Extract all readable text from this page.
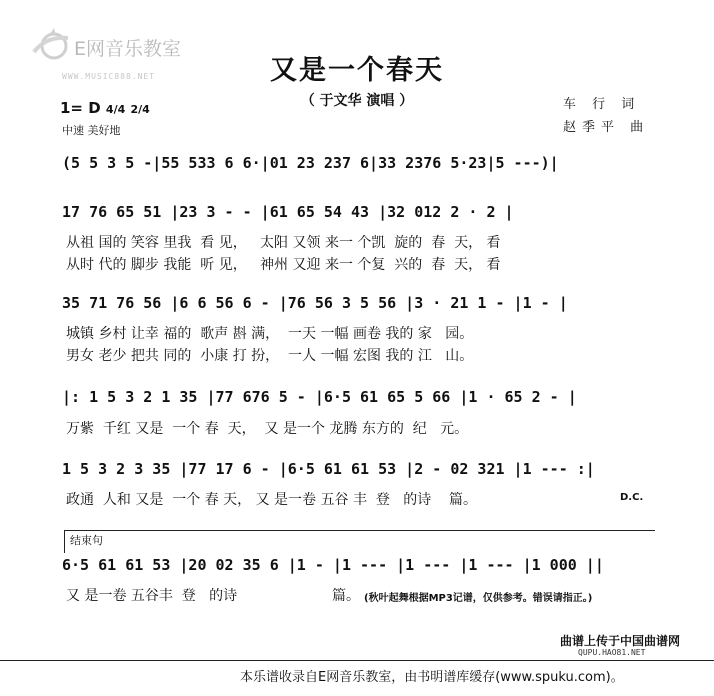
E网音乐教室
WWW.MUSIC888.NET	又是一个春天
（ 于文华 演唱 ）
1= D 4/4 2/4
中速 美好地
车 行 词
赵季平 曲
(5 5 3 5 -|55 533 6 6·|01 23 237 6|33 2376 5·23|5 ---)|
17 76 65 51 |23 3 - - |61 65 54 43 |32 012 2 · 2 |
从祖 国的 笑容 里我  看 见，   太阳 又领 来一 个凯  旋的  春  天， 看
从时 代的 脚步 我能  听 见，   神州 又迎 来一 个复  兴的  春  天， 看
35 71 76 56 |6 6 56 6 - |76 56 3 5 56 |3 · 21 1 - |1 - |
城镇 乡村 让幸 福的  歌声 斟 满，  一天 一幅 画卷 我的 家   园。
男女 老少 把共 同的  小康 打 扮，  一人 一幅 宏图 我的 江   山。
|: 1 5 3 2 1 35 |77 676 5 - |6·5 61 65 5 66 |1 · 65 2 - |
万紫  千红 又是  一个 春  天，  又 是一个 龙腾 东方的  纪   元。
1 5 3 2 3 35 |77 17 6 - |6·5 61 61 53 |2 - 02 321 |1 --- :|
政通  人和 又是  一个 春 天， 又 是一卷 五谷 丰  登   的诗    篇。	D.C.
结束句
6·5 61 61 53 |20 02 35 6 |1 - |1 --- |1 --- |1 --- |1 000 ||
又 是一卷 五谷丰  登   的诗	篇。 (秋叶起舞根据MP3记谱，仅供参考。错误请指正。)
曲谱上传于中国曲谱网
QUPU.HAO81.NET
本乐谱收录自E网音乐教室，由书明谱库缓存(www.spuku.com)。
